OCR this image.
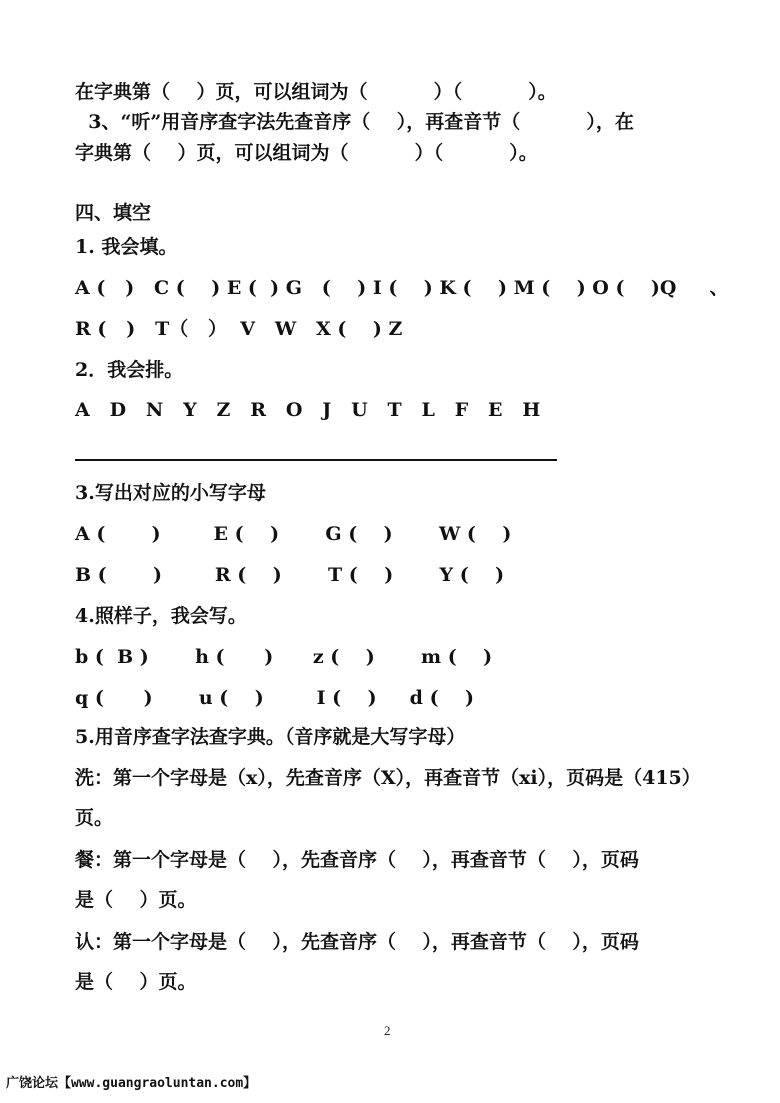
在字典第（    ）页，可以组词为（          ）（          ）。
3、“听”用音序查字法先查音序（    ），再查音节（          ），在
字典第（    ）页，可以组词为（          ）（          ）。
四、填空
1. 我会填。
A (   )   C (    ) E (  ) G   (    ) I (    ) K (    ) M (    ) O (    )Q     、
R (   )   T（   ）  V   W   X (    ) Z
2．我会排。
A   D   N   Y   Z   R   O   J   U   T   L   F   E   H
3.写出对应的小写字母
A (       )        E (    )       G (    )       W (    )
B (       )        R (    )       T (    )       Y (    )
4.照样子，我会写。
b (  B )       h (      )      z (    )       m (    )
q (      )       u (    )        I (    )     d (    )
5.用音序查字法查字典。（音序就是大写字母）
洗：第一个字母是（x），先查音序（X），再查音节（xi），页码是（415）
页。
餐：第一个字母是（    ），先查音序（    ），再查音节（    ），页码
是（    ）页。
认：第一个字母是（    ），先查音序（    ），再查音节（    ），页码
是（    ）页。
2
广饶论坛【www.guangraoluntan.com】
